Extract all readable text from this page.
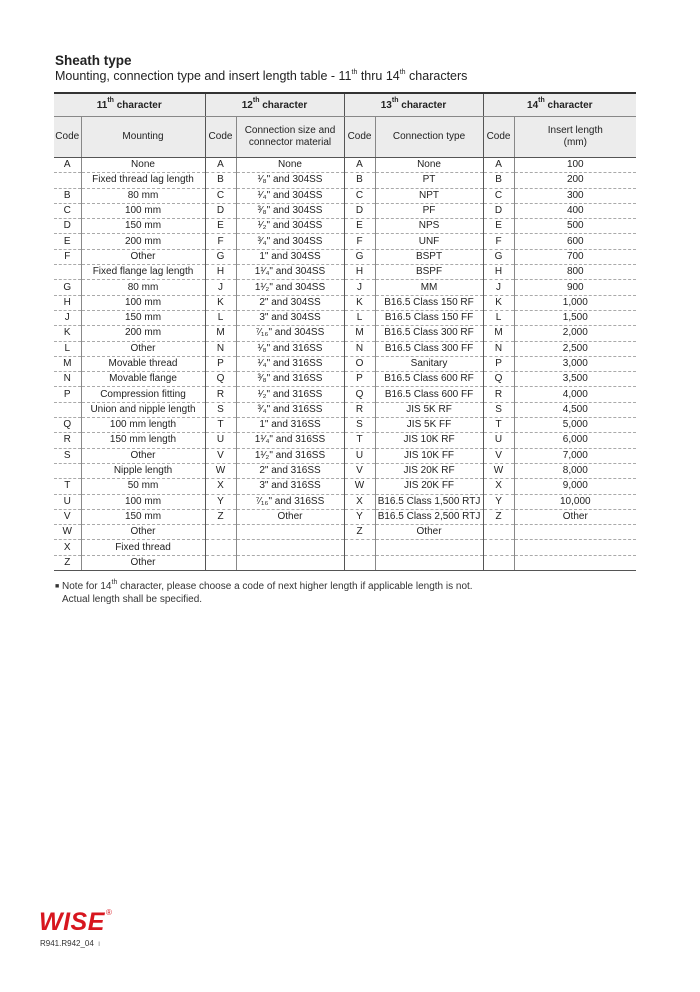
Sheath type
Mounting, connection type and insert length table - 11th thru 14th characters
11th character		12th character		13th character		14th character	
Code	Mounting	Code	Connection size and
connector material	Code	Connection type	Code	Insert length
(mm)
A	None	A	None	A	None	A	100
	Fixed thread lag length	B	¹⁄₈" and 304SS	B	PT	B	200
B	80 mm	C	¹⁄₄" and 304SS	C	NPT	C	300
C	100 mm	D	³⁄₈" and 304SS	D	PF	D	400
D	150 mm	E	¹⁄₂" and 304SS	E	NPS	E	500
E	200 mm	F	³⁄₄" and 304SS	F	UNF	F	600
F	Other	G	1" and 304SS	G	BSPT	G	700
	Fixed flange lag length	H	1¹⁄₄" and 304SS	H	BSPF	H	800
G	80 mm	J	1¹⁄₂" and 304SS	J	MM	J	900
H	100 mm	K	2" and 304SS	K	B16.5 Class 150 RF	K	1,000
J	150 mm	L	3" and 304SS	L	B16.5 Class 150 FF	L	1,500
K	200 mm	M	⁷⁄₁₆" and 304SS	M	B16.5 Class 300 RF	M	2,000
L	Other	N	¹⁄₈" and 316SS	N	B16.5 Class 300 FF	N	2,500
M	Movable thread	P	¹⁄₄" and 316SS	O	Sanitary	P	3,000
N	Movable flange	Q	³⁄₈" and 316SS	P	B16.5 Class 600 RF	Q	3,500
P	Compression fitting	R	¹⁄₂" and 316SS	Q	B16.5 Class 600 FF	R	4,000
	Union and nipple length	S	³⁄₄" and 316SS	R	JIS 5K RF	S	4,500
Q	100 mm length	T	1" and 316SS	S	JIS 5K FF	T	5,000
R	150 mm length	U	1¹⁄₄" and 316SS	T	JIS 10K RF	U	6,000
S	Other	V	1¹⁄₂" and 316SS	U	JIS 10K FF	V	7,000
	Nipple length	W	2" and 316SS	V	JIS 20K RF	W	8,000
T	50 mm	X	3" and 316SS	W	JIS 20K FF	X	9,000
U	100 mm	Y	⁷⁄₁₆" and 316SS	X	B16.5 Class 1,500 RTJ	Y	10,000
V	150 mm	Z	Other	Y	B16.5 Class 2,500 RTJ	Z	Other
W	Other			Z	Other		
X	Fixed thread						
Z	Other						
■ Note for 14th character, please choose a code of next higher length if applicable length is not.
Actual length shall be specified.
WISE ®
R941.R942_04 I
